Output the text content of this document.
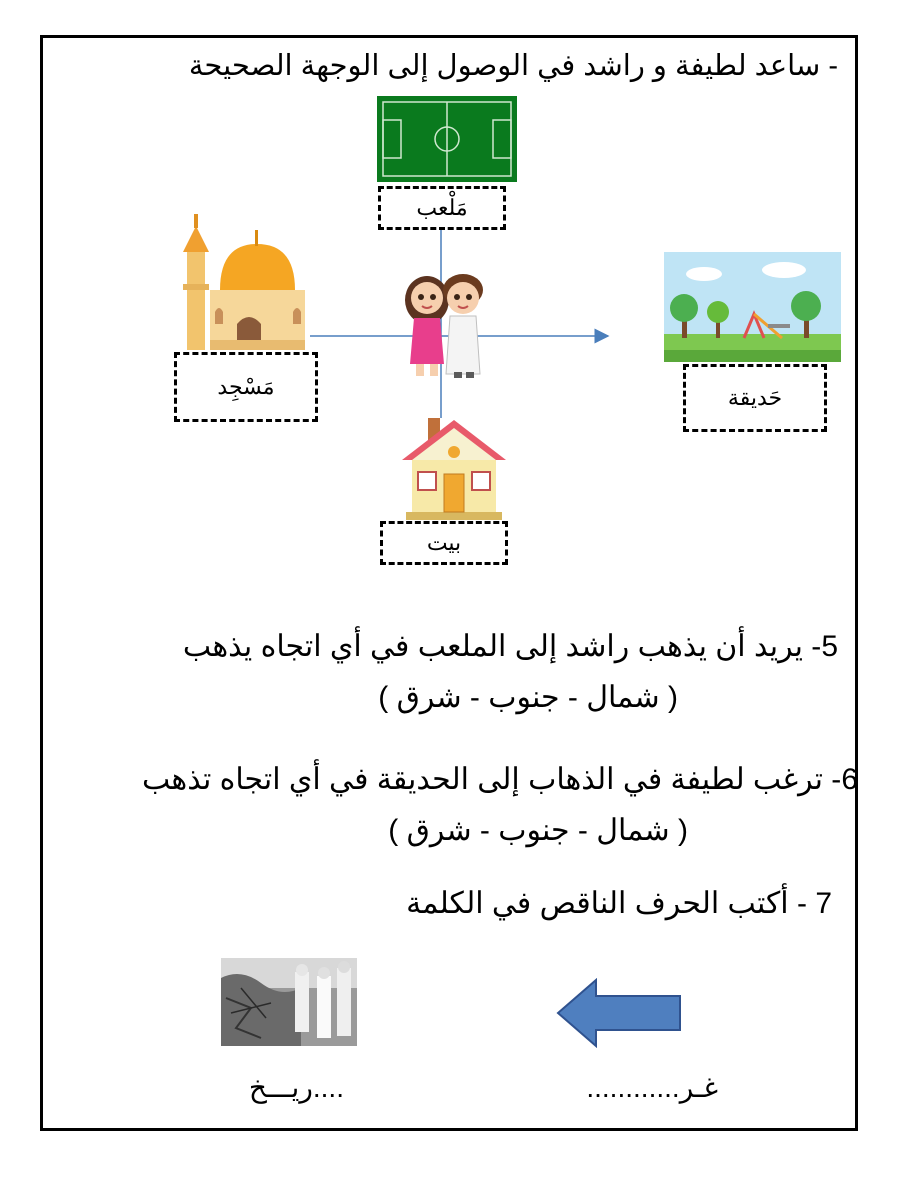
- ساعد لطيفة و راشد في الوصول إلى الوجهة الصحيحة
مَلْعب
مَسْجِد	حَديقة
بيت
5- يريد أن يذهب راشد إلى الملعب في أي اتجاه يذهب
( شمال - جنوب - شرق )
6- ترغب لطيفة في الذهاب إلى الحديقة في أي اتجاه تذهب
( شمال - جنوب - شرق )
7 - أكتب الحرف الناقص في الكلمة
غـر............
....ريـــخ
